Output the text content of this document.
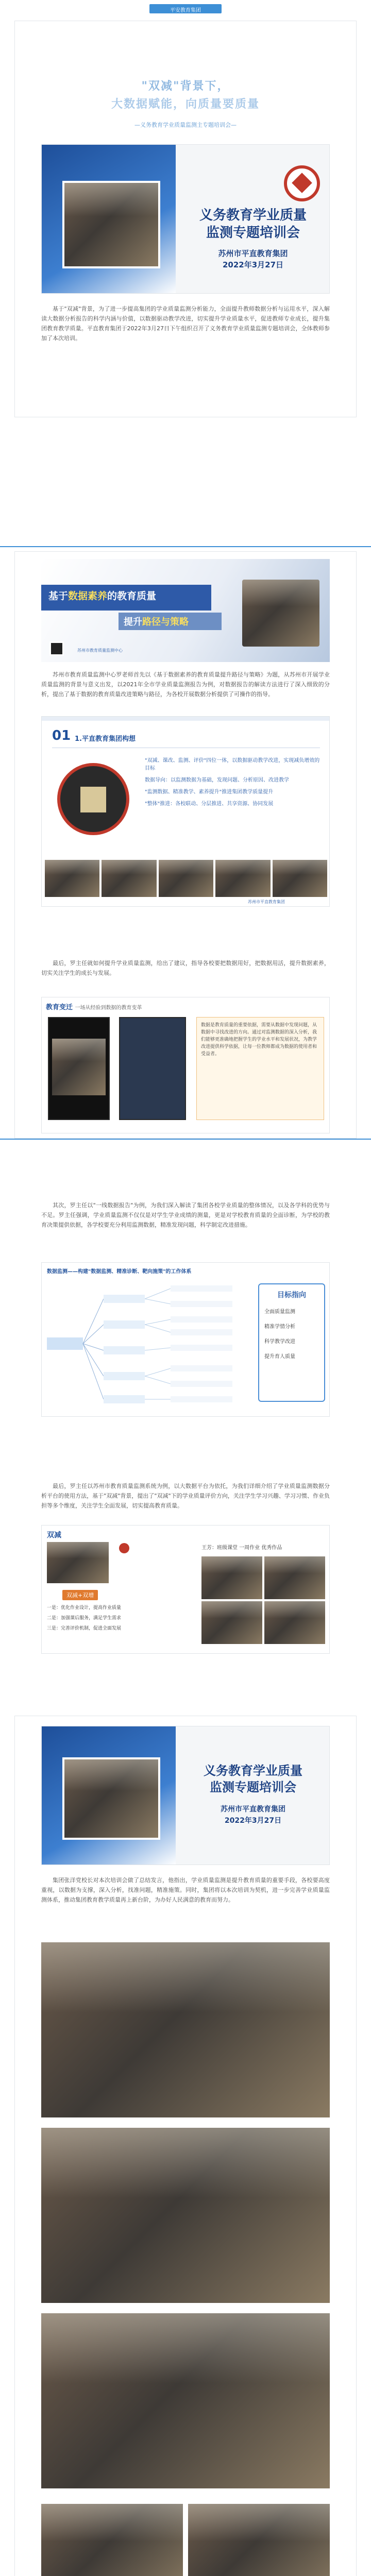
平安教育集团
"双减"背景下，
大数据赋能，向质量要质量
—义务教育学业质量监测主专题培训会—
义务教育学业质量
监测专题培训会
苏州市平直教育集团
2022年3月27日
基于"双减"背景，为了进一步提高集团的学业质量监测分析能力，全面提升教师数据分析与运用水平，深入解读大数据分析报告的科学内涵与价值，以数据驱动教学改进，切实提升学业质量水平，促进教师专业成长，提升集团教育教学质量。平直教育集团于2022年3月27日下午组织召开了义务教育学业质量监测专题培训会，全体教师参加了本次培训。
基于数据素养的教育质量
提升路径与策略
苏州市教育质量监测中心
苏州市教育质量监测中心罗老师首先以《基于数据素养的教育质量提升路径与策略》为题，从苏州市开展学业质量监测的背景与意义出发，以2021年全市学业质量监测报告为例，对数据报告的解读方法进行了深入细致的分析，提出了基于数据的教育质量改进策略与路径，为各校开展数据分析提供了可操作的指导。
01 1.平直教育集团构想
"双减、课改、监测、评价"四位一体，以数据驱动教学改进，实现减负增效的目标
数据导向：以监测数据为基础，发现问题、分析原因、改进教学
"监测数据、精准教学、素养提升"推进集团教学质量提升
"整体"推进：各校联动、分层推进、共享资源、协同发展
苏州市平直教育集团
最后，罗主任就如何提升学业质量监测，给出了建议，指导各校要把数据用好，把数据用活，提升数据素养，切实关注学生的成长与发展。
教育变迁 一场从经验到数据的教育变革
数据是教育质量的重要依据，需要从数据中发现问题，从数据中寻找改进的方向。通过对监测数据的深入分析，我们能够更准确地把握学生的学业水平和发展状况，为教学改进提供科学依据，让每一位教师都成为数据的使用者和受益者。
其次，罗主任以"一线数据报告"为例，为我们深入解读了集团各校学业质量的整体情况，以及各学科的优势与不足。罗主任强调，学业质量监测不仅仅是对学生学业成绩的测量，更是对学校教育质量的全面诊断，为学校的教育决策提供依据，各学校要充分利用监测数据，精准发现问题，科学制定改进措施。
数据监测——构建"数据监测、精准诊断、靶向施策"的工作体系
目标指向
全面质量监测
精准学情分析
科学教学改进
提升育人质量
最后，罗主任以苏州市教育质量监测系统为例，以大数据平台为依托，为我们详细介绍了学业质量监测数据分析平台的使用方法，基于"双减"背景，提出了"双减"下的学业质量评价方向，关注学生学习兴趣、学习习惯、作业负担等多个维度，关注学生全面发展，切实提高教育质量。
双减
双减+双增
一是：优化作业设计，提高作业质量
二是：加强课后服务，满足学生需求
三是：完善评价机制，促进全面发展
王芳：班级课堂 一周作业 优秀作品
义务教育学业质量
监测专题培训会
苏州市平直教育集团
2022年3月27日
集团张洋党校长对本次培训会做了总结发言，他指出，学业质量监测是提升教育质量的重要手段，各校要高度重视，以数据为支撑，深入分析，找准问题，精准施策。同时，集团将以本次培训为契机，进一步完善学业质量监测体系，推动集团教育教学质量再上新台阶，为办好人民满意的教育而努力。
